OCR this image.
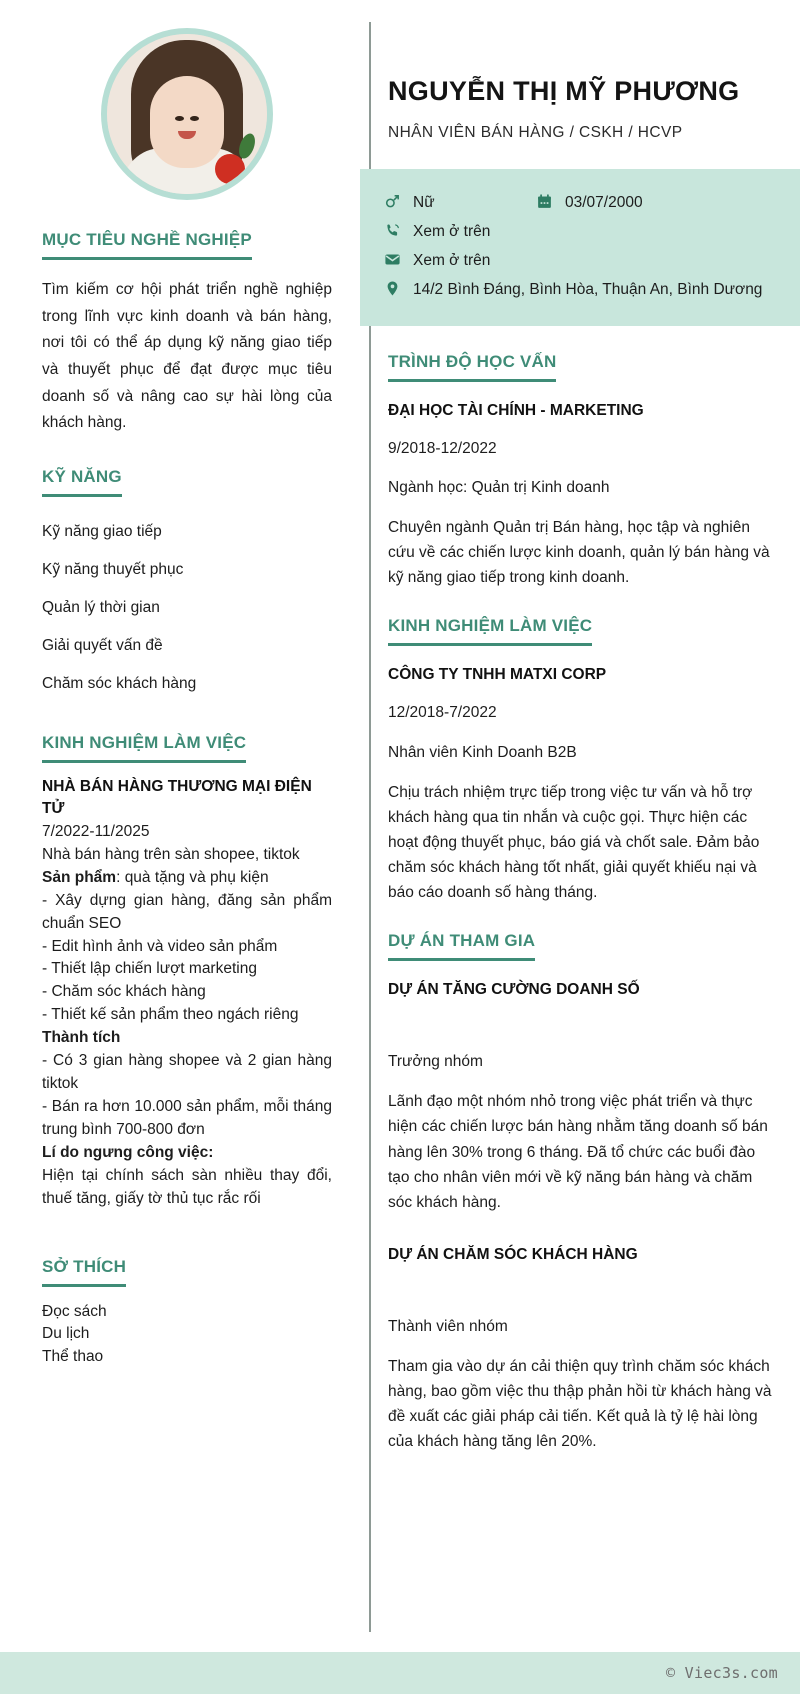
MỤC TIÊU NGHỀ NGHIỆP

Tìm kiếm cơ hội phát triển nghề nghiệp trong lĩnh vực kinh doanh và bán hàng, nơi tôi có thể áp dụng kỹ năng giao tiếp và thuyết phục để đạt được mục tiêu doanh số và nâng cao sự hài lòng của khách hàng.

KỸ NĂNG
Kỹ năng giao tiếp
Kỹ năng thuyết phục
Quản lý thời gian
Giải quyết vấn đề
Chăm sóc khách hàng
KINH NGHIỆM LÀM VIỆC
NHÀ BÁN HÀNG THƯƠNG MẠI ĐIỆN TỬ
7/2022-11/2025
Nhà bán hàng trên sàn shopee, tiktok
Sản phẩm: quà tặng và phụ kiện
- Xây dựng gian hàng, đăng sản phẩm chuẩn SEO
- Edit hình ảnh và video sản phẩm
- Thiết lập chiến lượt marketing
- Chăm sóc khách hàng
- Thiết kế sản phẩm theo ngách riêng
Thành tích
- Có 3 gian hàng shopee và 2 gian hàng tiktok
- Bán ra hơn 10.000 sản phẩm, mỗi tháng trung bình 700-800 đơn
Lí do ngưng công việc:
Hiện tại chính sách sàn nhiều thay đổi, thuế tăng, giấy tờ thủ tục rắc rối
SỞ THÍCH
Đọc sách
Du lịch
Thể thao
NGUYỄN THỊ MỸ PHƯƠNG
NHÂN VIÊN BÁN HÀNG / CSKH / HCVP
Nữ	03/07/2000
Xem ở trên
Xem ở trên
14/2 Bình Đáng, Bình Hòa, Thuận An, Bình Dương
TRÌNH ĐỘ HỌC VẤN
ĐẠI HỌC TÀI CHÍNH - MARKETING
9/2018-12/2022
Ngành học: Quản trị Kinh doanh
Chuyên ngành Quản trị Bán hàng, học tập và nghiên cứu về các chiến lược kinh doanh, quản lý bán hàng và kỹ năng giao tiếp trong kinh doanh.
KINH NGHIỆM LÀM VIỆC
CÔNG TY TNHH MATXI CORP
12/2018-7/2022
Nhân viên Kinh Doanh B2B
Chịu trách nhiệm trực tiếp trong việc tư vấn và hỗ trợ khách hàng qua tin nhắn và cuộc gọi. Thực hiện các hoạt động thuyết phục, báo giá và chốt sale. Đảm bảo chăm sóc khách hàng tốt nhất, giải quyết khiếu nại và báo cáo doanh số hàng tháng.
DỰ ÁN THAM GIA
DỰ ÁN TĂNG CƯỜNG DOANH SỐ
Trưởng nhóm
Lãnh đạo một nhóm nhỏ trong việc phát triển và thực hiện các chiến lược bán hàng nhằm tăng doanh số bán hàng lên 30% trong 6 tháng. Đã tổ chức các buổi đào tạo cho nhân viên mới về kỹ năng bán hàng và chăm sóc khách hàng.
DỰ ÁN CHĂM SÓC KHÁCH HÀNG
Thành viên nhóm
Tham gia vào dự án cải thiện quy trình chăm sóc khách hàng, bao gồm việc thu thập phản hồi từ khách hàng và đề xuất các giải pháp cải tiến. Kết quả là tỷ lệ hài lòng của khách hàng tăng lên 20%.
© Viec3s.com
